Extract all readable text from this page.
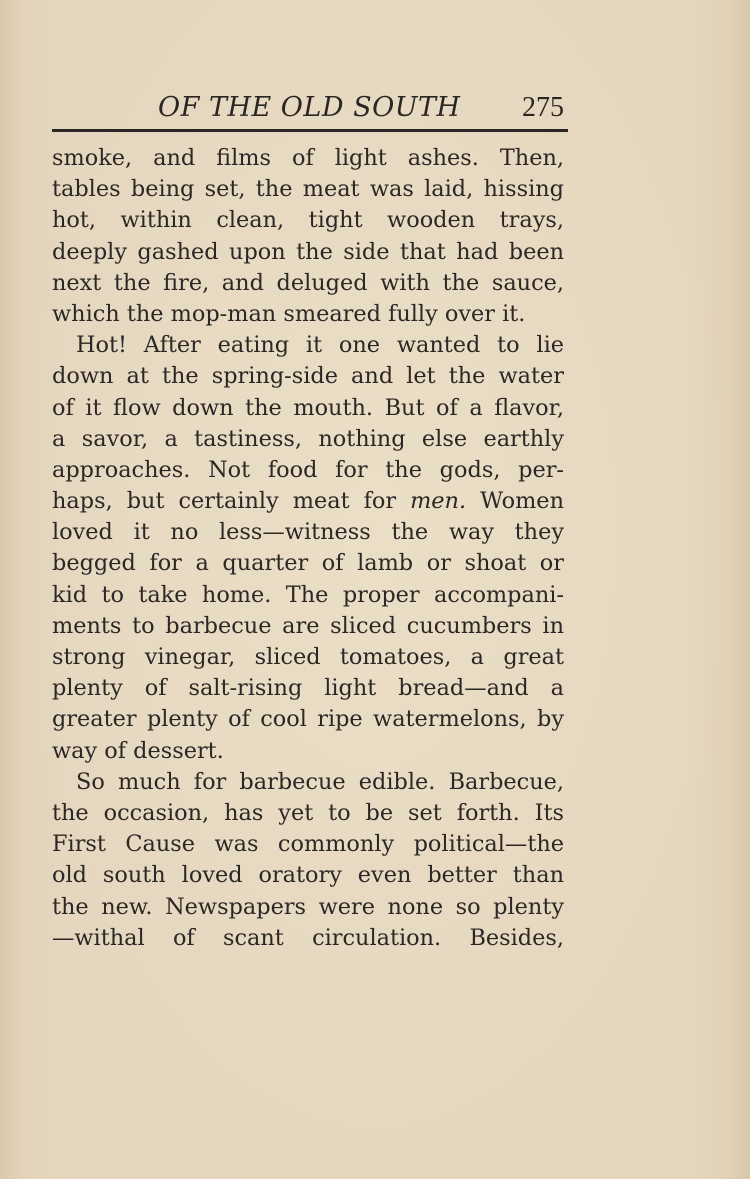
OF THE OLD SOUTH 275
smoke, and films of light ashes. Then,
tables being set, the meat was laid, hissing
hot, within clean, tight wooden trays,
deeply gashed upon the side that had been
next the fire, and deluged with the sauce,
which the mop-man smeared fully over it.
Hot! After eating it one wanted to lie
down at the spring-side and let the water
of it flow down the mouth. But of a flavor,
a savor, a tastiness, nothing else earthly
approaches. Not food for the gods, per-
haps, but certainly meat for men. Women
loved it no less—witness the way they
begged for a quarter of lamb or shoat or
kid to take home. The proper accompani-
ments to barbecue are sliced cucumbers in
strong vinegar, sliced tomatoes, a great
plenty of salt-rising light bread—and a
greater plenty of cool ripe watermelons, by
way of dessert.
So much for barbecue edible. Barbecue,
the occasion, has yet to be set forth. Its
First Cause was commonly political—the
old south loved oratory even better than
the new. Newspapers were none so plenty
—withal of scant circulation. Besides,
